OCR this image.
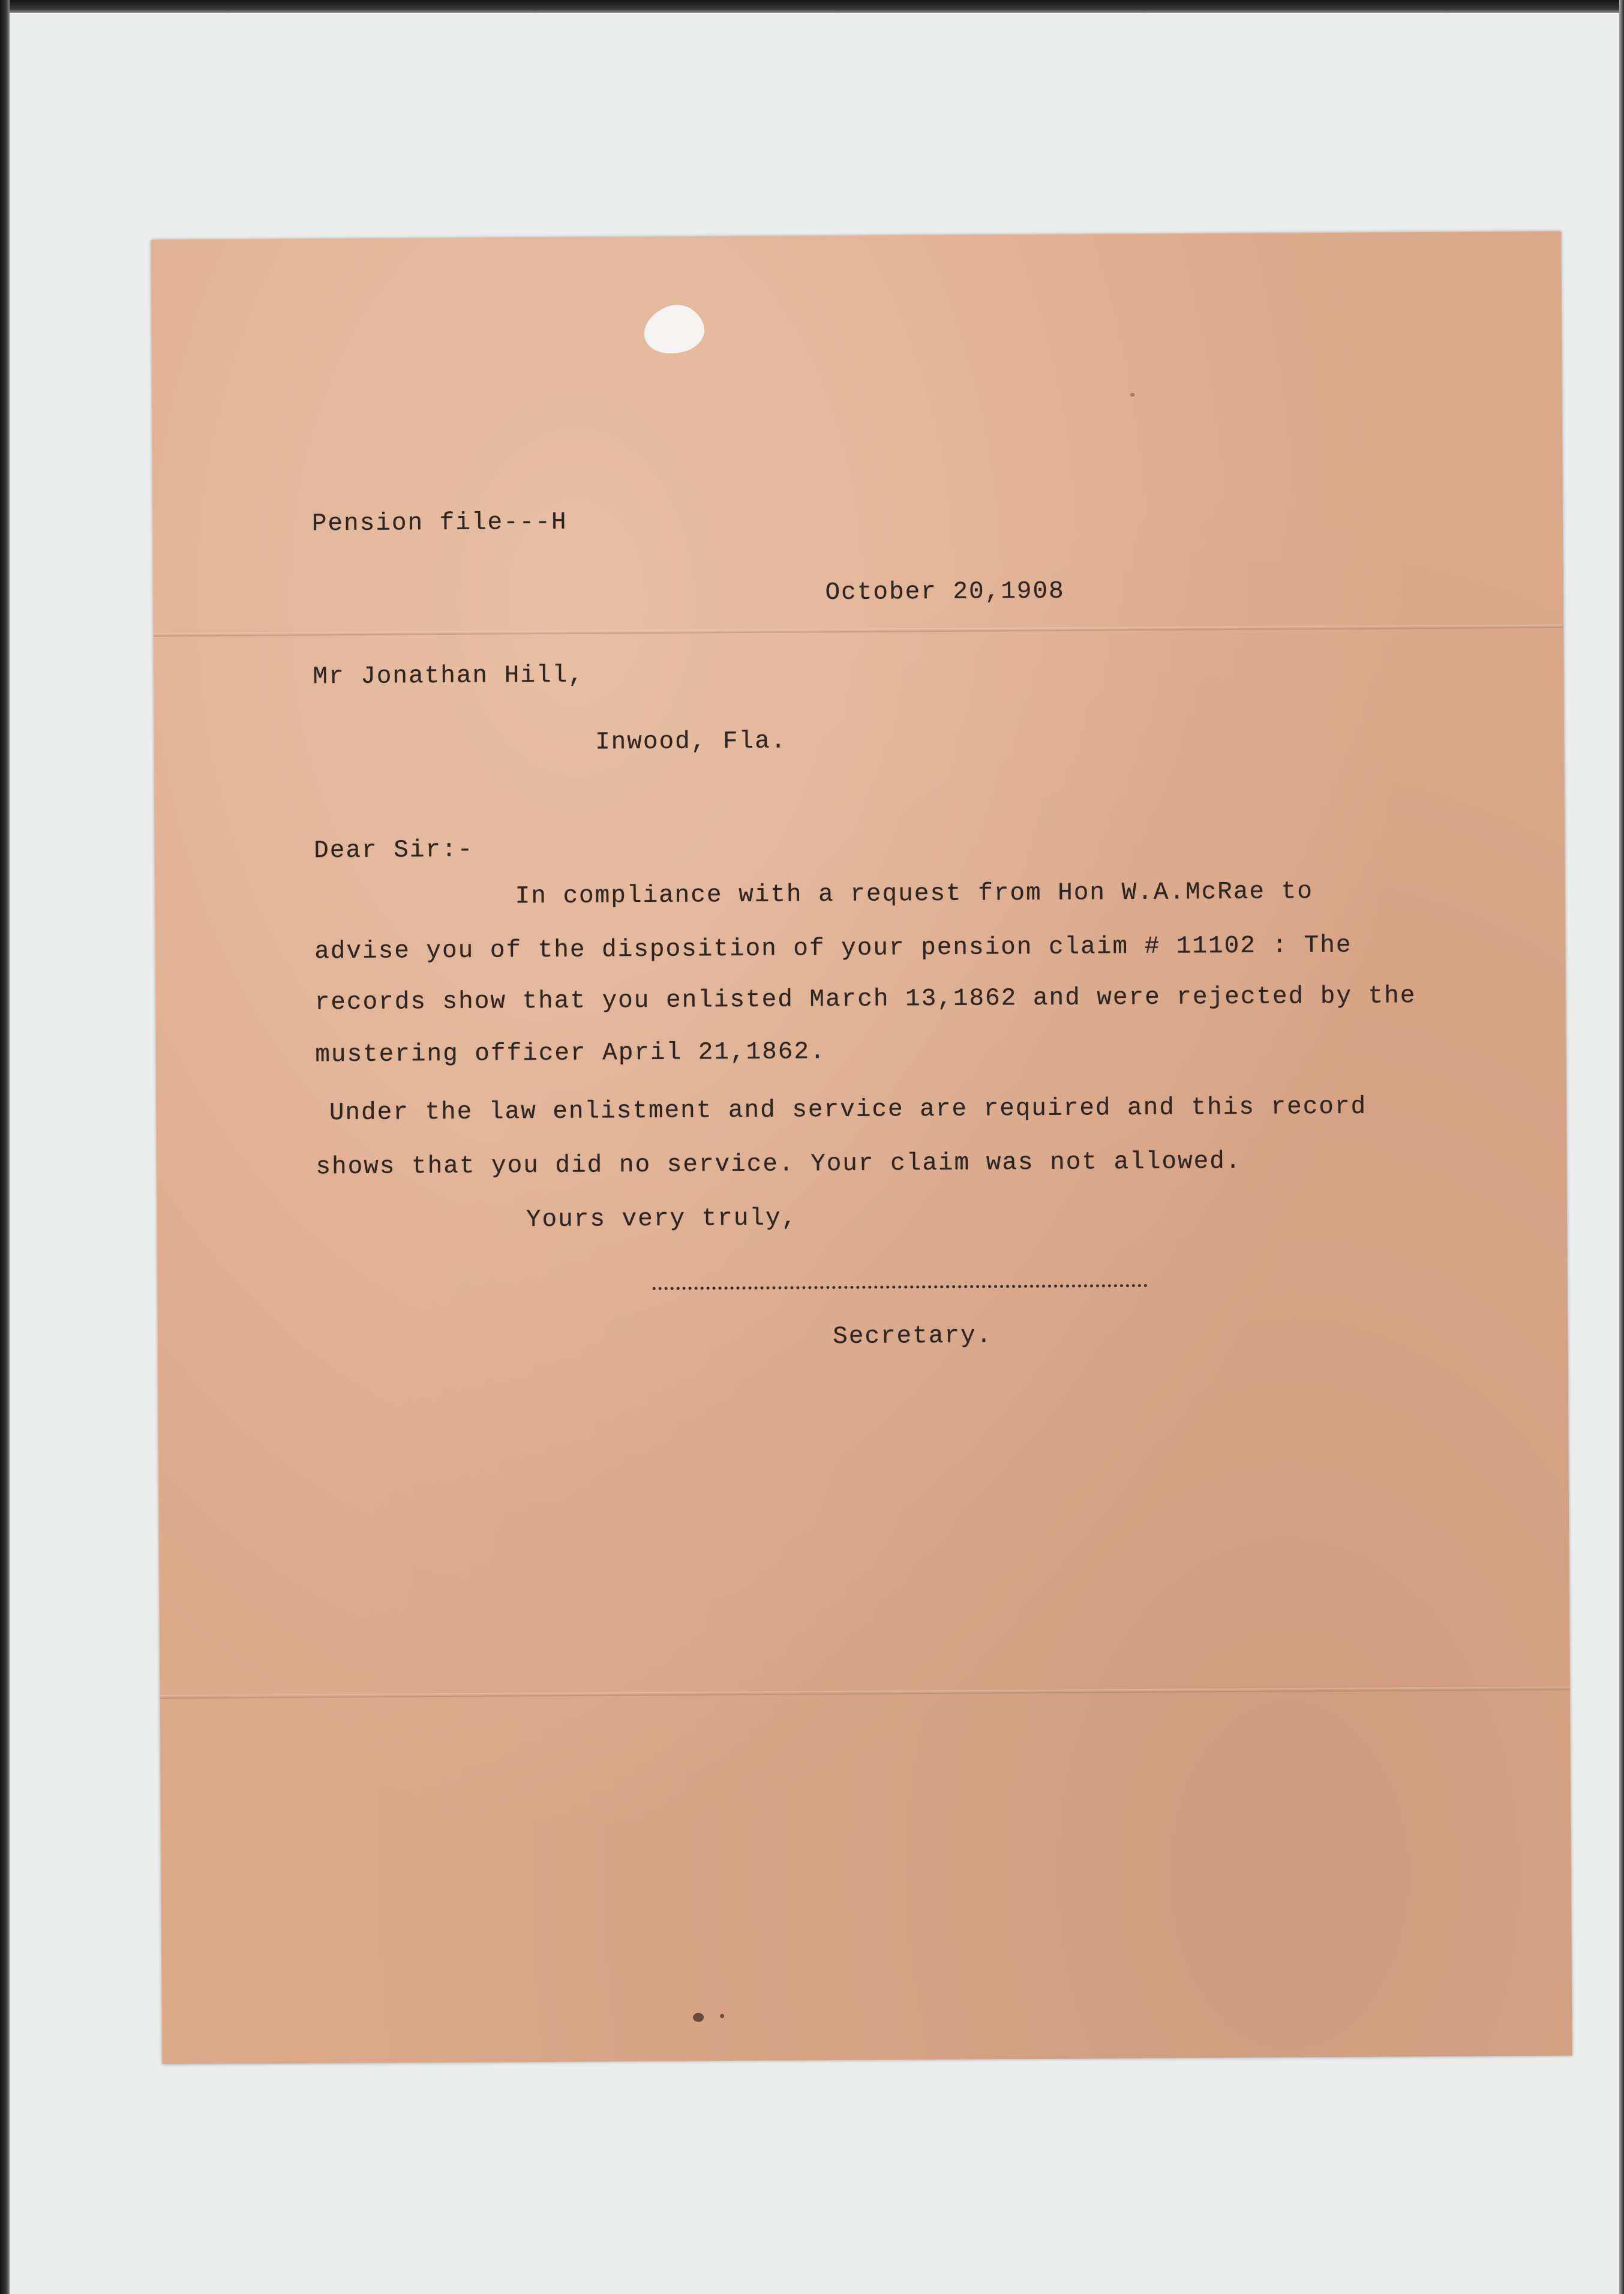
Pension file---H
October 20,1908
Mr Jonathan Hill,
Inwood, Fla.
Dear Sir:-
In compliance with a request from Hon W.A.McRae to
advise you of the disposition of your pension claim # 11102 : The
records show that you enlisted March 13,1862 and were rejected by the
mustering officer April 21,1862.
Under the law enlistment and service are required and this record
shows that you did no service. Your claim was not allowed.
Yours very truly,
Secretary.
